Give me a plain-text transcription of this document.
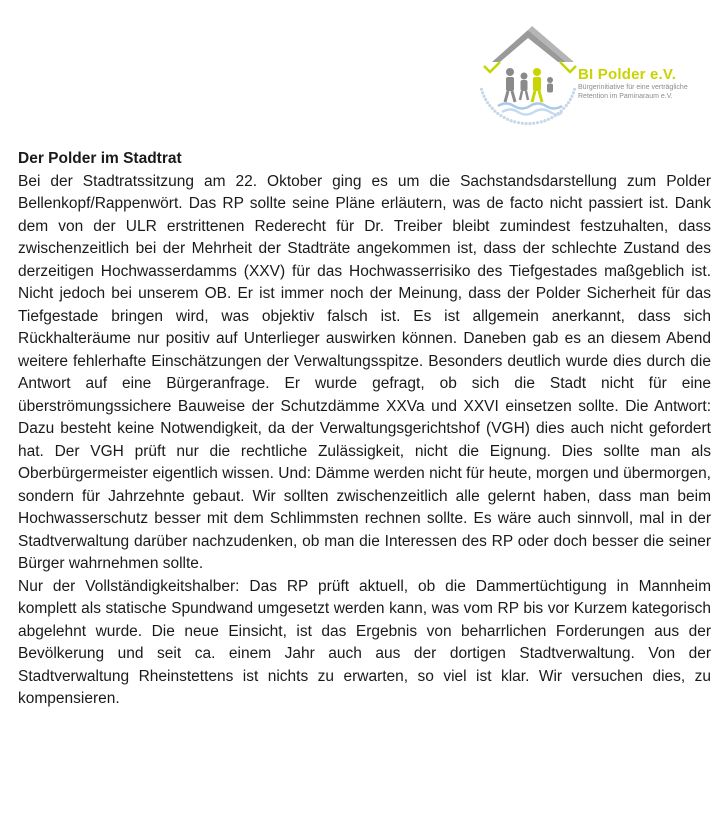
BI Polder e.V.
Bürgerinitiative für eine verträgliche
Retention im Paminaraum e.V.
Der Polder im Stadtrat

Bei der Stadtratssitzung am 22. Oktober ging es um die Sachstandsdarstellung zum Polder Bellenkopf/Rappenwört. Das RP sollte seine Pläne erläutern, was de facto nicht passiert ist. Dank dem von der ULR erstrittenen Rederecht für Dr. Treiber bleibt zumindest festzuhalten, dass zwischenzeitlich bei der Mehrheit der Stadträte angekommen ist, dass der schlechte Zustand des derzeitigen Hochwasserdamms (XXV) für das Hochwasserrisiko des Tiefgestades maßgeblich ist. Nicht jedoch bei unserem OB. Er ist immer noch der Meinung, dass der Polder Sicherheit für das Tiefgestade bringen wird, was objektiv falsch ist. Es ist allgemein anerkannt, dass sich Rückhalteräume nur positiv auf Unterlieger auswirken können. Daneben gab es an diesem Abend weitere fehlerhafte Einschätzungen der Verwaltungsspitze. Besonders deutlich wurde dies durch die Antwort auf eine Bürgeranfrage. Er wurde gefragt, ob sich die Stadt nicht für eine überströmungssichere Bauweise der Schutzdämme XXVa und XXVI einsetzen sollte. Die Antwort: Dazu besteht keine Notwendigkeit, da der Verwaltungsgerichtshof (VGH) dies auch nicht gefordert hat. Der VGH prüft nur die rechtliche Zulässigkeit, nicht die Eignung. Dies sollte man als Oberbürgermeister eigentlich wissen. Und: Dämme werden nicht für heute, morgen und übermorgen, sondern für Jahrzehnte gebaut. Wir sollten zwischenzeitlich alle gelernt haben, dass man beim Hochwasserschutz besser mit dem Schlimmsten rechnen sollte. Es wäre auch sinnvoll, mal in der Stadtverwaltung darüber nachzudenken, ob man die Interessen des RP oder doch besser die seiner Bürger wahrnehmen sollte.

Nur der Vollständigkeitshalber: Das RP prüft aktuell, ob die Dammertüchtigung in Mannheim komplett als statische Spundwand umgesetzt werden kann, was vom RP bis vor Kurzem kategorisch abgelehnt wurde. Die neue Einsicht, ist das Ergebnis von beharrlichen Forderungen aus der Bevölkerung und seit ca. einem Jahr auch aus der dortigen Stadtverwaltung. Von der Stadtverwaltung Rheinstettens ist nichts zu erwarten, so viel ist klar. Wir versuchen dies, zu kompensieren.
